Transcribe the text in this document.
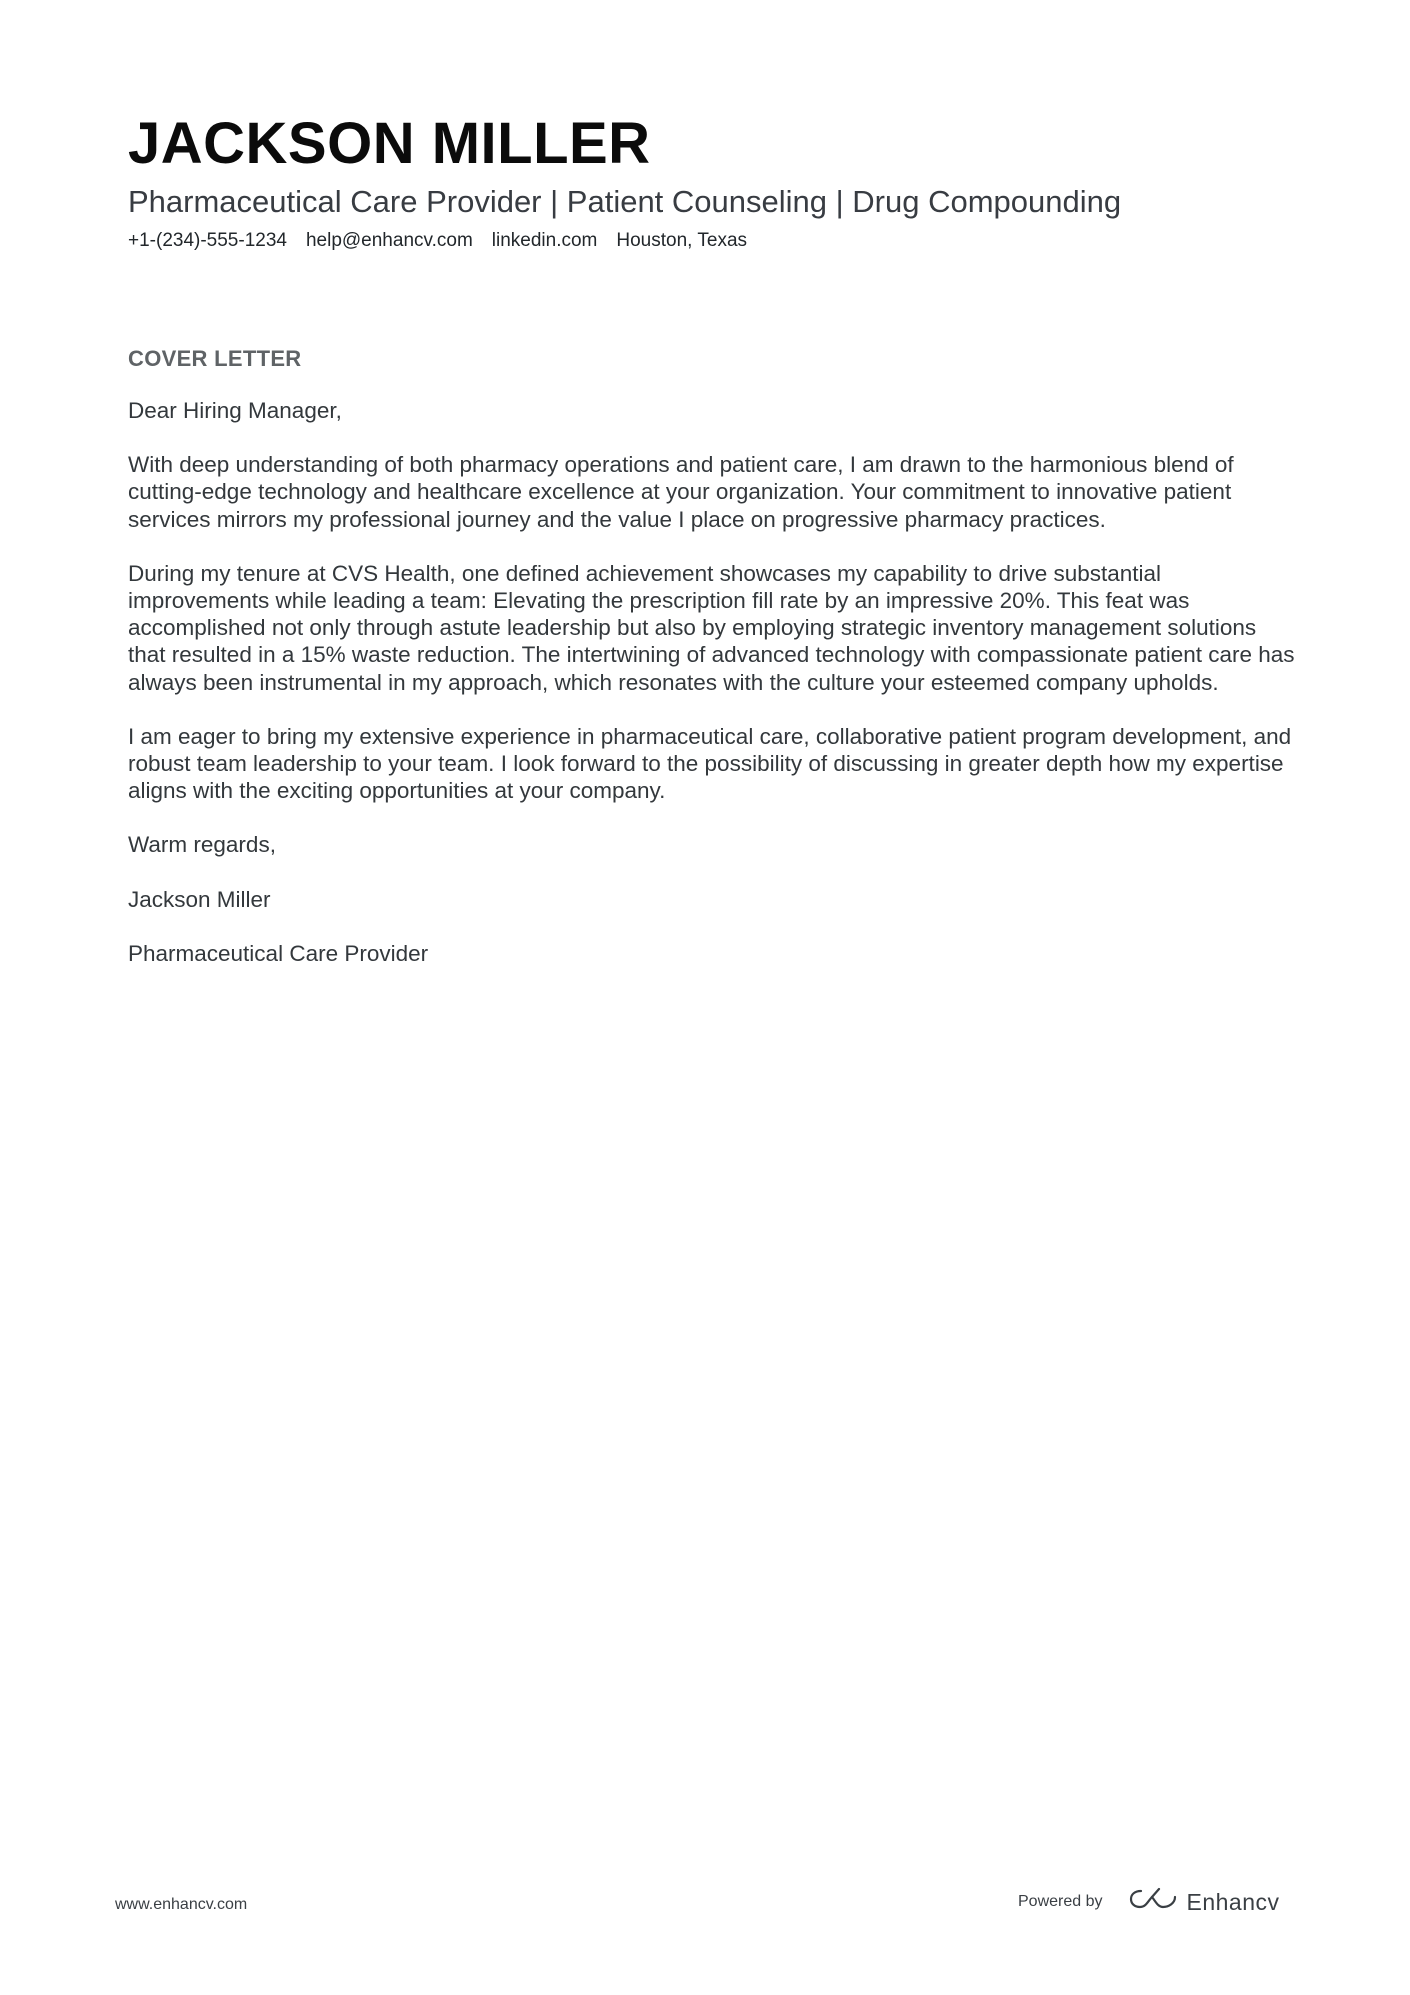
JACKSON MILLER
Pharmaceutical Care Provider | Patient Counseling | Drug Compounding
+1-(234)-555-1234 help@enhancv.com linkedin.com Houston, Texas
COVER LETTER

Dear Hiring Manager,

With deep understanding of both pharmacy operations and patient care, I am drawn to the harmonious blend of cutting-edge technology and healthcare excellence at your organization. Your commitment to innovative patient services mirrors my professional journey and the value I place on progressive pharmacy practices.

During my tenure at CVS Health, one defined achievement showcases my capability to drive substantial improvements while leading a team: Elevating the prescription fill rate by an impressive 20%. This feat was accomplished not only through astute leadership but also by employing strategic inventory management solutions that resulted in a 15% waste reduction. The intertwining of advanced technology with compassionate patient care has always been instrumental in my approach, which resonates with the culture your esteemed company upholds.

I am eager to bring my extensive experience in pharmaceutical care, collaborative patient program development, and robust team leadership to your team. I look forward to the possibility of discussing in greater depth how my expertise aligns with the exciting opportunities at your company.

Warm regards,

Jackson Miller

Pharmaceutical Care Provider

www.enhancv.com	Powered by	Enhancv
